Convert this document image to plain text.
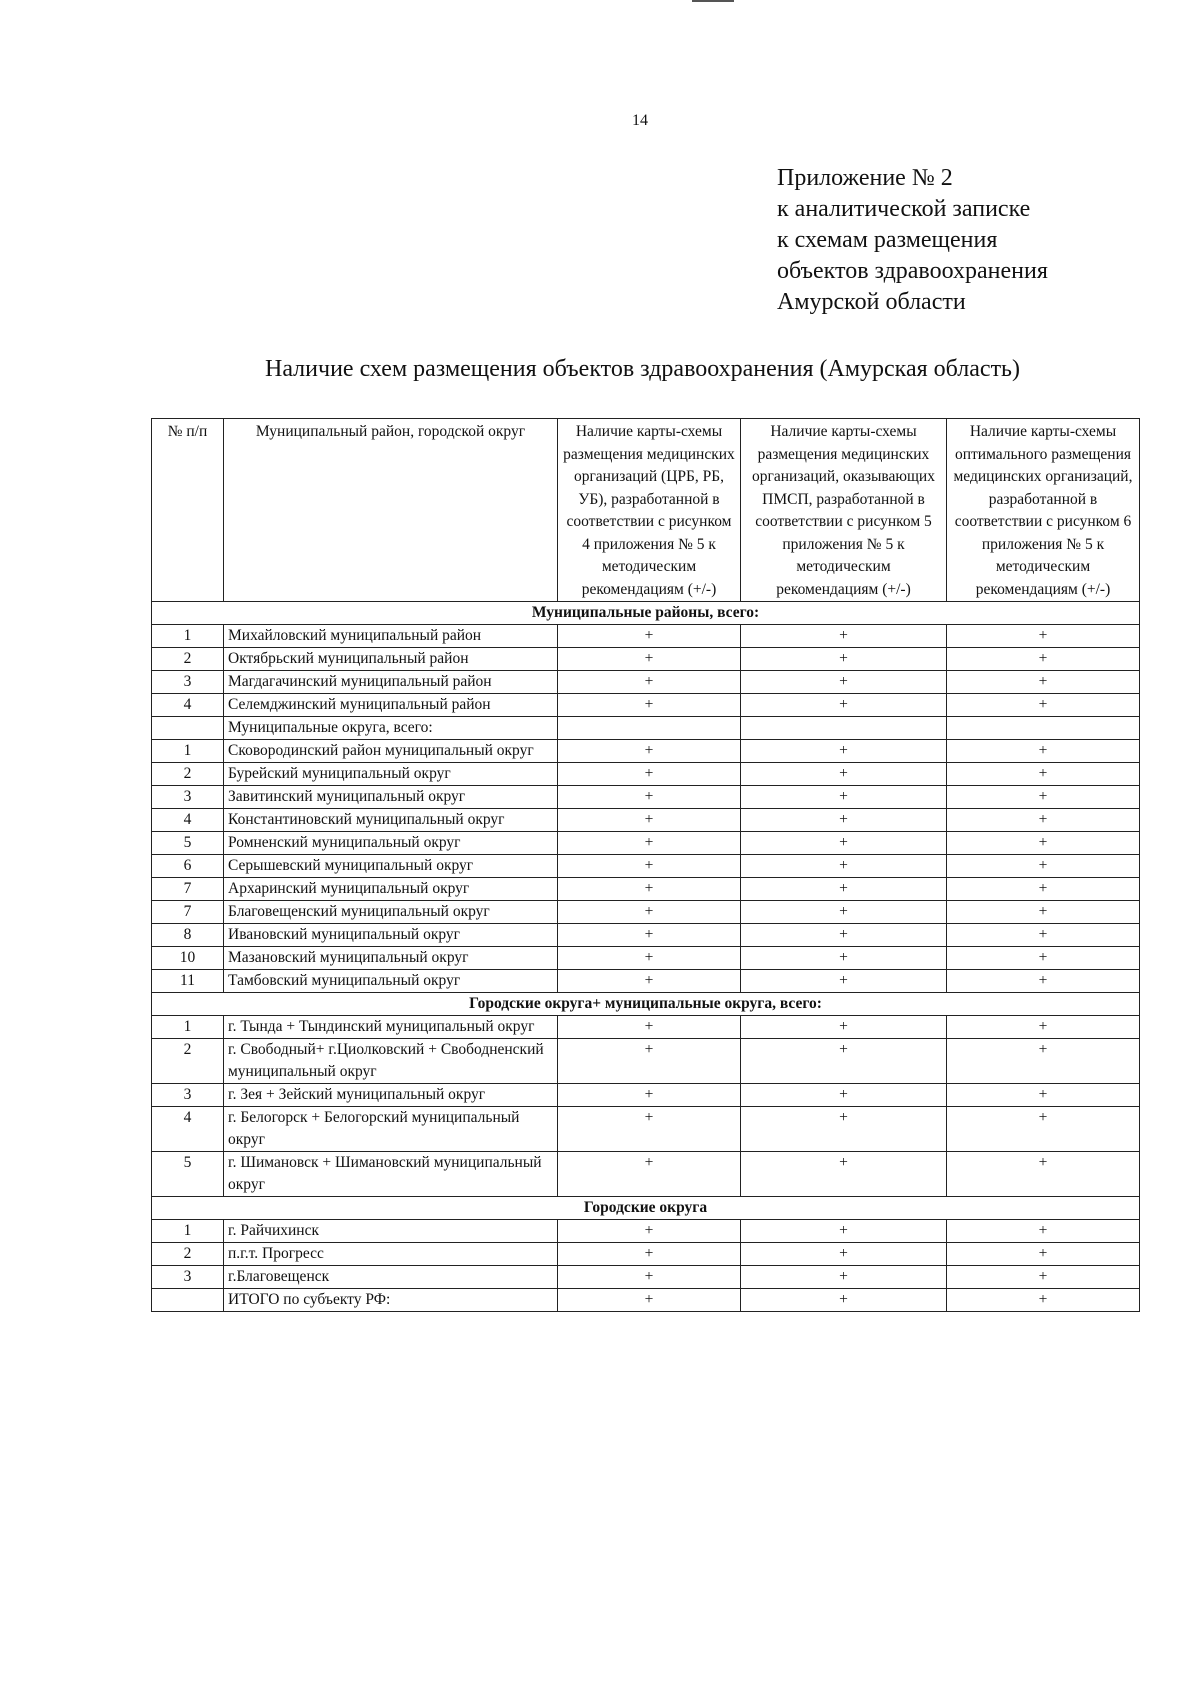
14
Приложение № 2
к аналитической записке
к схемам размещения
объектов здравоохранения
Амурской области
Наличие схем размещения объектов здравоохранения (Амурская область)
№ п/п	Муниципальный район, городской округ	Наличие карты-схемы размещения медицинских организаций (ЦРБ, РБ, УБ), разработанной в соответствии с рисунком 4 приложения № 5 к методическим рекомендациям (+/-)	Наличие карты-схемы размещения медицинских организаций, оказывающих ПМСП, разработанной в соответствии с рисунком 5 приложения № 5 к методическим рекомендациям (+/-)	Наличие карты-схемы оптимального размещения медицинских организаций, разработанной в соответствии с рисунком 6 приложения № 5 к методическим рекомендациям (+/-)
Муниципальные районы, всего:				
1	Михайловский муниципальный район	+	+	+
2	Октябрьский муниципальный район	+	+	+
3	Магдагачинский муниципальный район	+	+	+
4	Селемджинский муниципальный район	+	+	+
	Муниципальные округа, всего:			
1	Сковородинский район муниципальный округ	+	+	+
2	Бурейский муниципальный округ	+	+	+
3	Завитинский муниципальный округ	+	+	+
4	Константиновский муниципальный округ	+	+	+
5	Ромненский муниципальный округ	+	+	+
6	Серышевский муниципальный округ	+	+	+
7	Архаринский муниципальный округ	+	+	+
7	Благовещенский муниципальный округ	+	+	+
8	Ивановский муниципальный округ	+	+	+
10	Мазановский муниципальный округ	+	+	+
11	Тамбовский муниципальный округ	+	+	+
Городские округа+ муниципальные округа, всего:				
1	г. Тында + Тындинский муниципальный округ	+	+	+
2	г. Свободный+ г.Циолковский + Свободненский муниципальный округ	+	+	+
3	г. Зея + Зейский муниципальный округ	+	+	+
4	г. Белогорск + Белогорский муниципальный округ	+	+	+
5	г. Шимановск + Шимановский муниципальный округ	+	+	+
Городские округа				
1	г. Райчихинск	+	+	+
2	п.г.т. Прогресс	+	+	+
3	г.Благовещенск	+	+	+
	ИТОГО по субъекту РФ:	+	+	+
